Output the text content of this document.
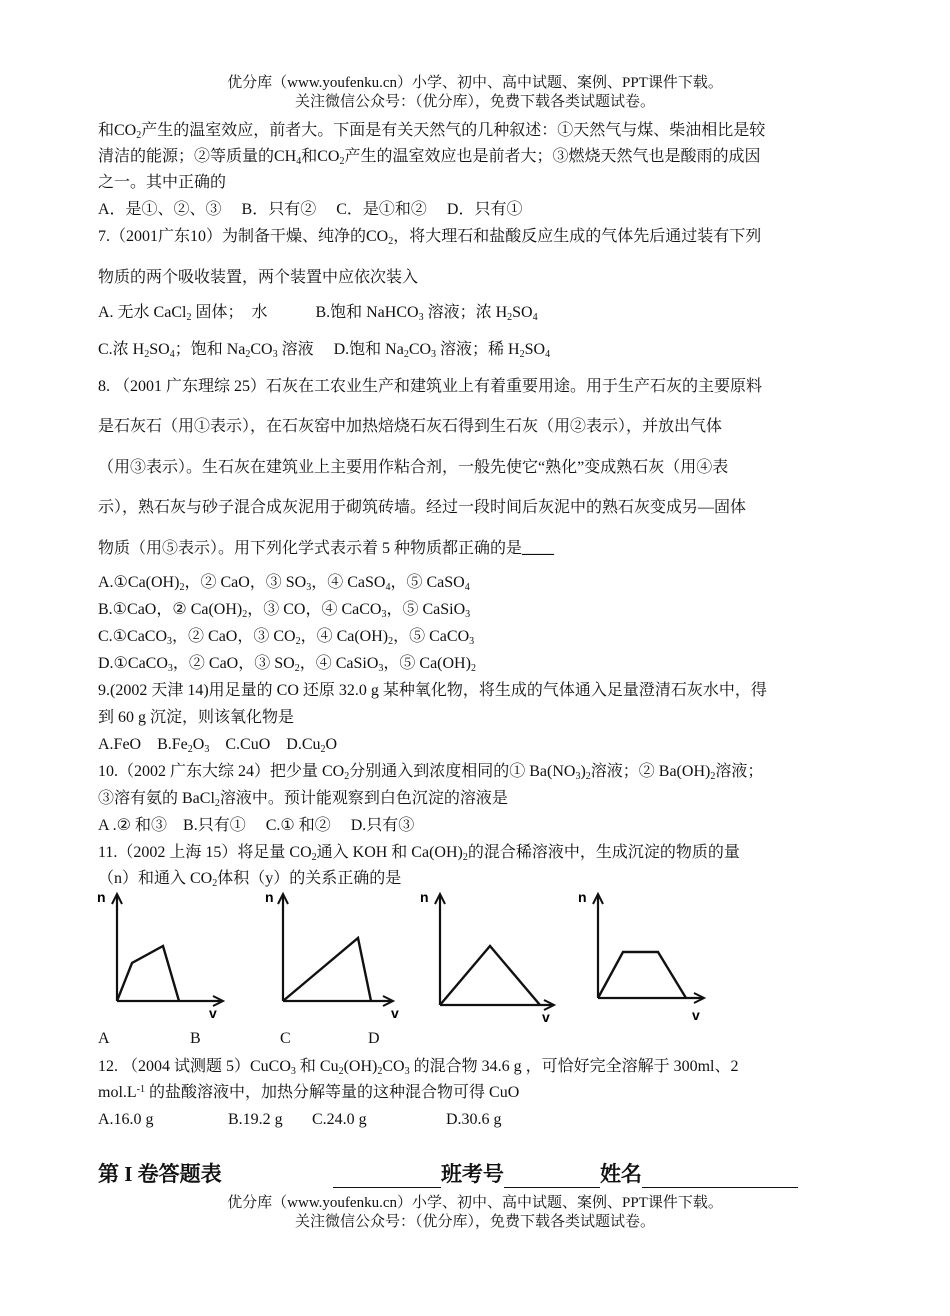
优分库（www.youfenku.cn）小学、初中、高中试题、案例、PPT课件下载。
关注微信公众号：（优分库），免费下载各类试题试卷。
和$CO_2$产生的温室效应，前者大。下面是有关天然气的几种叙述：①天然气与煤、柴油相比是较
清洁的能源；②等质量的$CH_4$和$CO_2$产生的温室效应也是前者大；③燃烧天然气也是酸雨的成因
之一。其中正确的
A．是①、②、③　 B．只有②　 C．是①和②　 D．只有①
7.（2001广东10）为制备干燥、纯净的$CO_2$，将大理石和盐酸反应生成的气体先后通过装有下列
物质的两个吸收装置，两个装置中应依次装入
A. 无水 CaCl$_2$ 固体；　水　　　B.饱和 NaHCO$_3$ 溶液；浓 $H_2SO_4$
C.浓 $H_2SO_4$；饱和 $Na_2CO_3$ 溶液　 D.饱和 $Na_2CO_3$ 溶液；稀 $H_2SO_4$
8. （2001 广东理综 25）石灰在工农业生产和建筑业上有着重要用途。用于生产石灰的主要原料
是石灰石（用①表示），在石灰窑中加热焙烧石灰石得到生石灰（用②表示），并放出气体
（用③表示）。生石灰在建筑业上主要用作粘合剂，一般先使它“熟化”变成熟石灰（用④表
示），熟石灰与砂子混合成灰泥用于砌筑砖墙。经过一段时间后灰泥中的熟石灰变成另—固体
物质（用⑤表示）。用下列化学式表示着 5 种物质都正确的是____
$A.①Ca(OH)_2$，② CaO，③ $SO_3$，④ CaSO$_4$，⑤ CaSO$_4$
B.①CaO，② $Ca(OH)_2$，③ CO，④ CaCO$_3$，⑤ CaSiO$_3$
C.①CaCO$_3$，② CaO，③ $CO_2$，④ $Ca(OH)_2$，⑤ CaCO$_3$
D.①CaCO$_3$，② CaO，③ $SO_2$，④ CaSiO$_3$，⑤ $Ca(OH)_2$
9.(2002 天津 14)用足量的 CO 还原 32.0 g 某种氧化物，将生成的气体通入足量澄清石灰水中，得
到 60 g 沉淀，则该氧化物是
A.FeO　$B.Fe_2O_3$　C.CuO　$D.Cu_2O$
10.（2002 广东大综 24）把少量 $CO_2$分别通入到浓度相同的① $Ba(NO_3)_2$溶液；② $Ba(OH)_2$溶液；
③溶有氨的 BaCl$_2$溶液中。预计能观察到白色沉淀的溶液是
A .② 和③　B.只有①　 C.① 和②　 D.只有③
11.（2002 上海 15）将足量 $CO_2$通入 KOH 和 $Ca(OH)_2$的混合稀溶液中，生成沉淀的物质的量
（n）和通入 $CO_2$体积（y）的关系正确的是
n
v
n
v
n
v
n
v
A	B	C	D
12. （2004 试测题 5）CuCO$_3$ 和 $Cu_2(OH)_2CO_3$ 的混合物 34.6 g ，可恰好完全溶解于 300ml、2
$mol.L^{-1}$ 的盐酸溶液中，加热分解等量的这种混合物可得 CuO
A.16.0 g	B.19.2 g C.24.0 g	D.30.6 g
第 I 卷答题表	班考号	姓名
优分库（www.youfenku.cn）小学、初中、高中试题、案例、PPT课件下载。
关注微信公众号：（优分库），免费下载各类试题试卷。
